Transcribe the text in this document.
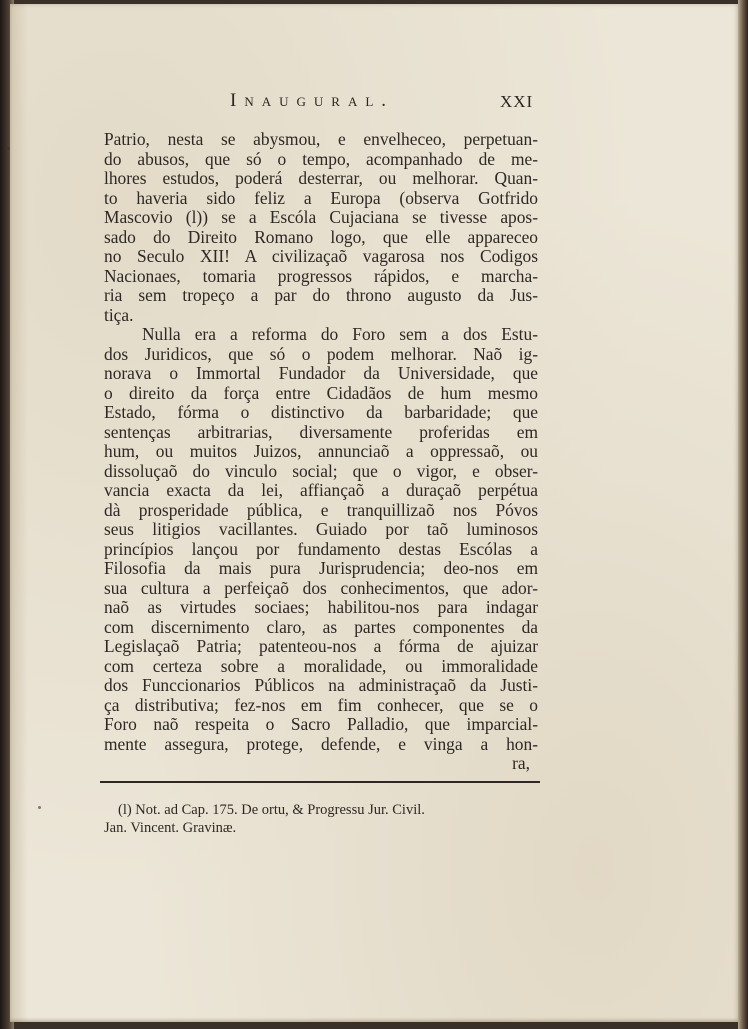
Inaugural.	XXI
Patrio, nesta se abysmou, e envelheceo, perpetuan-
do abusos, que só o tempo, acompanhado de me-
lhores estudos, poderá desterrar, ou melhorar. Quan-
to haveria sido feliz a Europa (observa Gotfrido
Mascovio (l)) se a Escóla Cujaciana se tivesse apos-
sado do Direito Romano logo, que elle appareceo
no Seculo XII! A civilizaçaõ vagarosa nos Codigos
Nacionaes, tomaria progressos rápidos, e marcha-
ria sem tropeço a par do throno augusto da Jus-
tiça.
Nulla era a reforma do Foro sem a dos Estu-
dos Juridicos, que só o podem melhorar. Naõ ig-
norava o Immortal Fundador da Universidade, que
o direito da força entre Cidadãos de hum mesmo
Estado, fórma o distinctivo da barbaridade; que
sentenças arbitrarias, diversamente proferidas em
hum, ou muitos Juizos, annunciaõ a oppressaõ, ou
dissoluçaõ do vinculo social; que o vigor, e obser-
vancia exacta da lei, affiançaõ a duraçaõ perpétua
dà prosperidade pública, e tranquillizaõ nos Póvos
seus litigios vacillantes. Guiado por taõ luminosos
princípios lançou por fundamento destas Escólas a
Filosofia da mais pura Jurisprudencia; deo-nos em
sua cultura a perfeiçaõ dos conhecimentos, que ador-
naõ as virtudes sociaes; habilitou-nos para indagar
com discernimento claro, as partes componentes da
Legislaçaõ Patria; patenteou-nos a fórma de ajuizar
com certeza sobre a moralidade, ou immoralidade
dos Funccionarios Públicos na administraçaõ da Justi-
ça distributiva; fez-nos em fim conhecer, que se o
Foro naõ respeita o Sacro Palladio, que imparcial-
mente assegura, protege, defende, e vinga a hon-
ra,
(l) Not. ad Cap. 175. De ortu, & Progressu Jur. Civil.
Jan. Vincent. Gravinæ.
